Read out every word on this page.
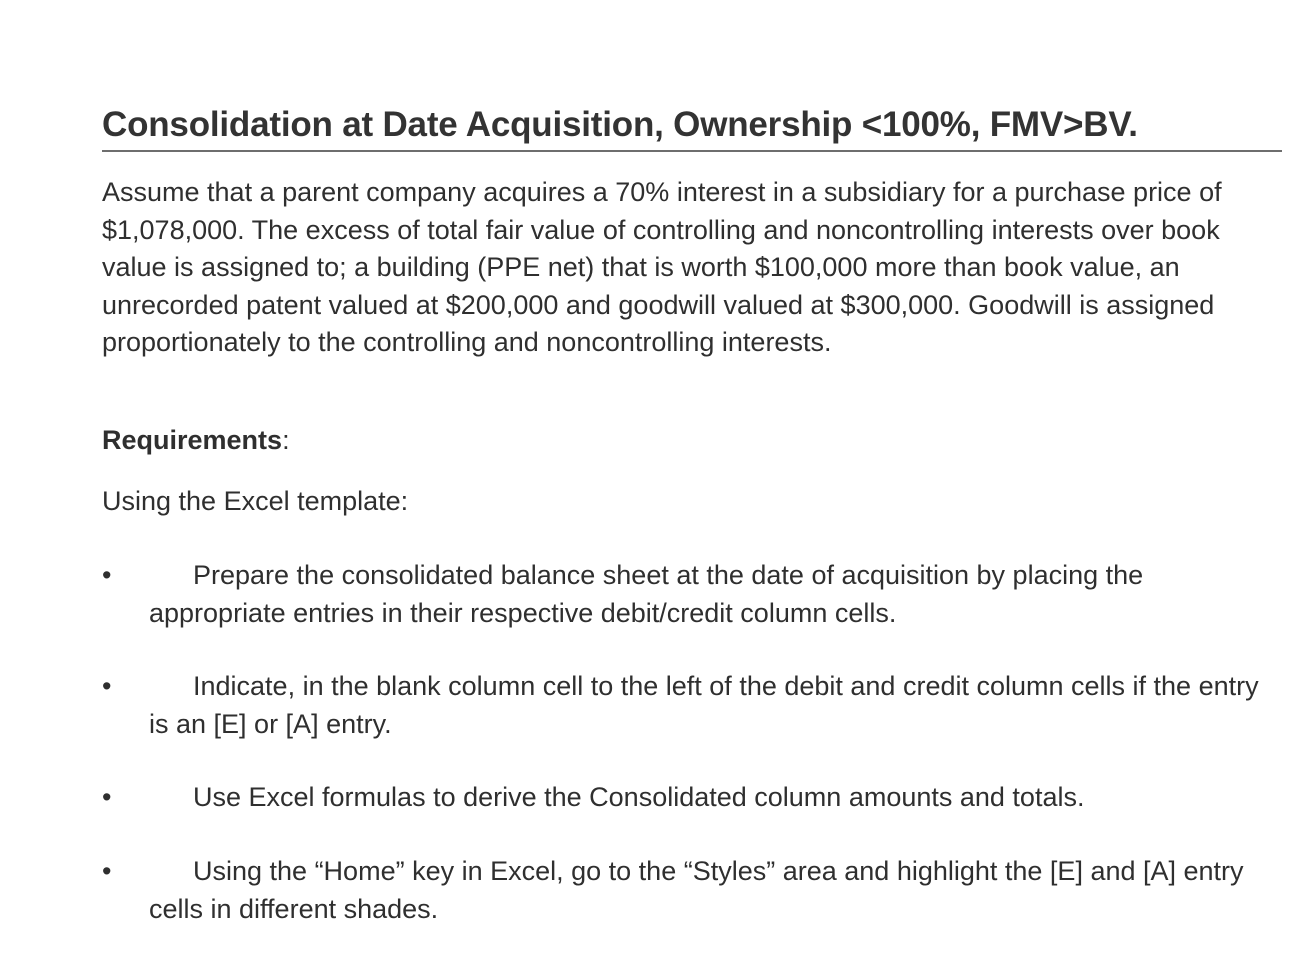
Consolidation at Date Acquisition, Ownership <100%, FMV>BV.

Assume that a parent company acquires a 70% interest in a subsidiary for a purchase price of $1,078,000. The excess of total fair value of controlling and noncontrolling interests over book value is assigned to; a building (PPE net) that is worth $100,000 more than book value, an unrecorded patent valued at $200,000 and goodwill valued at $300,000. Goodwill is assigned proportionately to the controlling and noncontrolling interests.

Requirements:

Using the Excel template:

•	Prepare the consolidated balance sheet at the date of acquisition by placing the appropriate entries in their respective debit/credit column cells.
•	Indicate, in the blank column cell to the left of the debit and credit column cells if the entry is an [E] or [A] entry.
•	Use Excel formulas to derive the Consolidated column amounts and totals.
•	Using the “Home” key in Excel, go to the “Styles” area and highlight the [E] and [A] entry cells in different shades.
